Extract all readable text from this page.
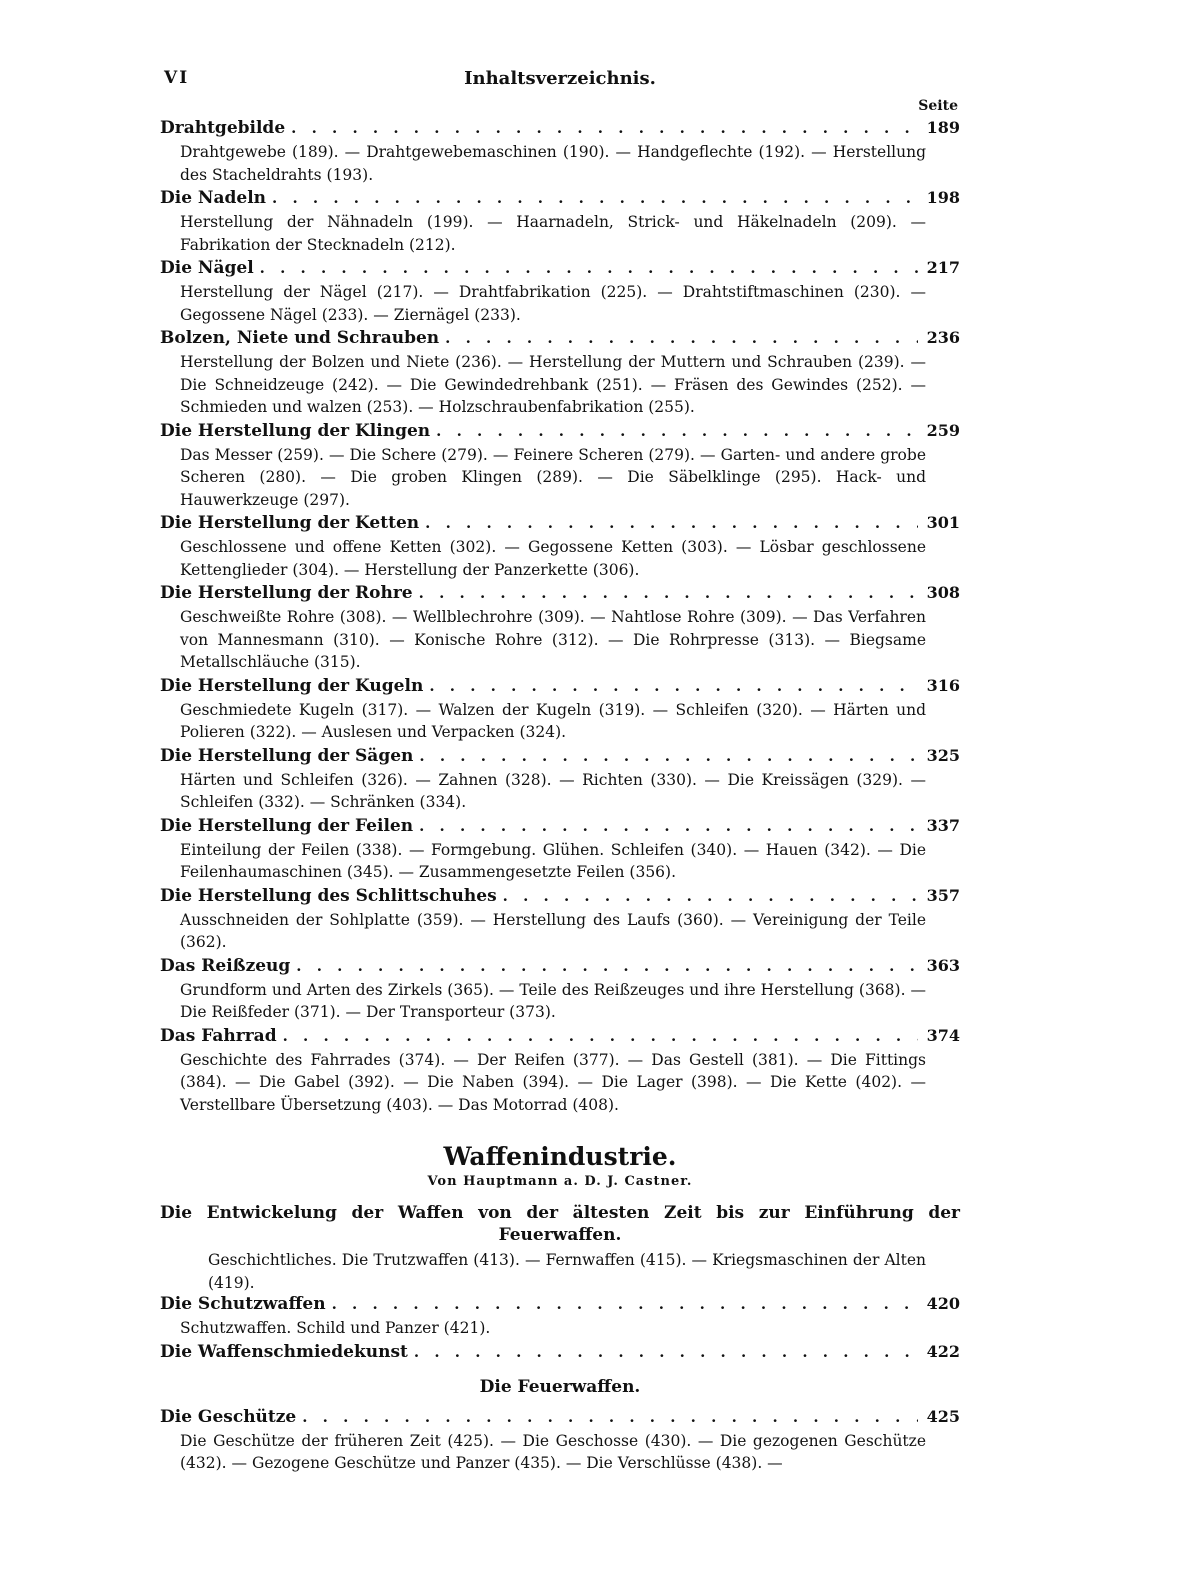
VI	Inhaltsverzeichnis.
Seite
Drahtgebilde . . .	189
Drahtgewebe (189). — Drahtgewebemaschinen (190). — Handgeflechte (192). — Herstellung des Stacheldrahts (193).
Die Nadeln . . .	198
Herstellung der Nähnadeln (199). — Haarnadeln, Strick- und Häkelnadeln (209). — Fabrikation der Stecknadeln (212).
Die Nägel . . .	217
Herstellung der Nägel (217). — Drahtfabrikation (225). — Drahtstiftmaschinen (230). — Gegossene Nägel (233). — Ziernägel (233).
Bolzen, Niete und Schrauben . . .	236
Herstellung der Bolzen und Niete (236). — Herstellung der Muttern und Schrauben (239). — Die Schneidzeuge (242). — Die Gewindedrehbank (251). — Fräsen des Gewindes (252). — Schmieden und walzen (253). — Holzschraubenfabrikation (255).
Die Herstellung der Klingen . . .	259
Das Messer (259). — Die Schere (279). — Feinere Scheren (279). — Garten- und andere grobe Scheren (280). — Die groben Klingen (289). — Die Säbelklinge (295). Hack- und Hauwerkzeuge (297).
Die Herstellung der Ketten . . .	301
Geschlossene und offene Ketten (302). — Gegossene Ketten (303). — Lösbar geschlossene Kettenglieder (304). — Herstellung der Panzerkette (306).
Die Herstellung der Rohre . . .	308
Geschweißte Rohre (308). — Wellblechrohre (309). — Nahtlose Rohre (309). — Das Verfahren von Mannesmann (310). — Konische Rohre (312). — Die Rohrpresse (313). — Biegsame Metallschläuche (315).
Die Herstellung der Kugeln . . .	316
Geschmiedete Kugeln (317). — Walzen der Kugeln (319). — Schleifen (320). — Härten und Polieren (322). — Auslesen und Verpacken (324).
Die Herstellung der Sägen . . .	325
Härten und Schleifen (326). — Zahnen (328). — Richten (330). — Die Kreissägen (329). — Schleifen (332). — Schränken (334).
Die Herstellung der Feilen . . .	337
Einteilung der Feilen (338). — Formgebung. Glühen. Schleifen (340). — Hauen (342). — Die Feilenhaumaschinen (345). — Zusammengesetzte Feilen (356).
Die Herstellung des Schlittschuhes . . .	357
Ausschneiden der Sohlplatte (359). — Herstellung des Laufs (360). — Vereinigung der Teile (362).
Das Reißzeug . . .	363
Grundform und Arten des Zirkels (365). — Teile des Reißzeuges und ihre Herstellung (368). — Die Reißfeder (371). — Der Transporteur (373).
Das Fahrrad . . .	374
Geschichte des Fahrrades (374). — Der Reifen (377). — Das Gestell (381). — Die Fittings (384). — Die Gabel (392). — Die Naben (394). — Die Lager (398). — Die Kette (402). — Verstellbare Übersetzung (403). — Das Motorrad (408).
Waffenindustrie.
Von Hauptmann a. D. J. Castner.
Die Entwickelung der Waffen von der ältesten Zeit bis zur Einführung der
Feuerwaffen.
Geschichtliches. Die Trutzwaffen (413). — Fernwaffen (415). — Kriegsmaschinen der Alten (419).
Die Schutzwaffen . . .	420
Schutzwaffen. Schild und Panzer (421).
Die Waffenschmiedekunst . . .	422
Die Feuerwaffen.
Die Geschütze . . .	425
Die Geschütze der früheren Zeit (425). — Die Geschosse (430). — Die gezogenen Geschütze (432). — Gezogene Geschütze und Panzer (435). — Die Verschlüsse (438). —
